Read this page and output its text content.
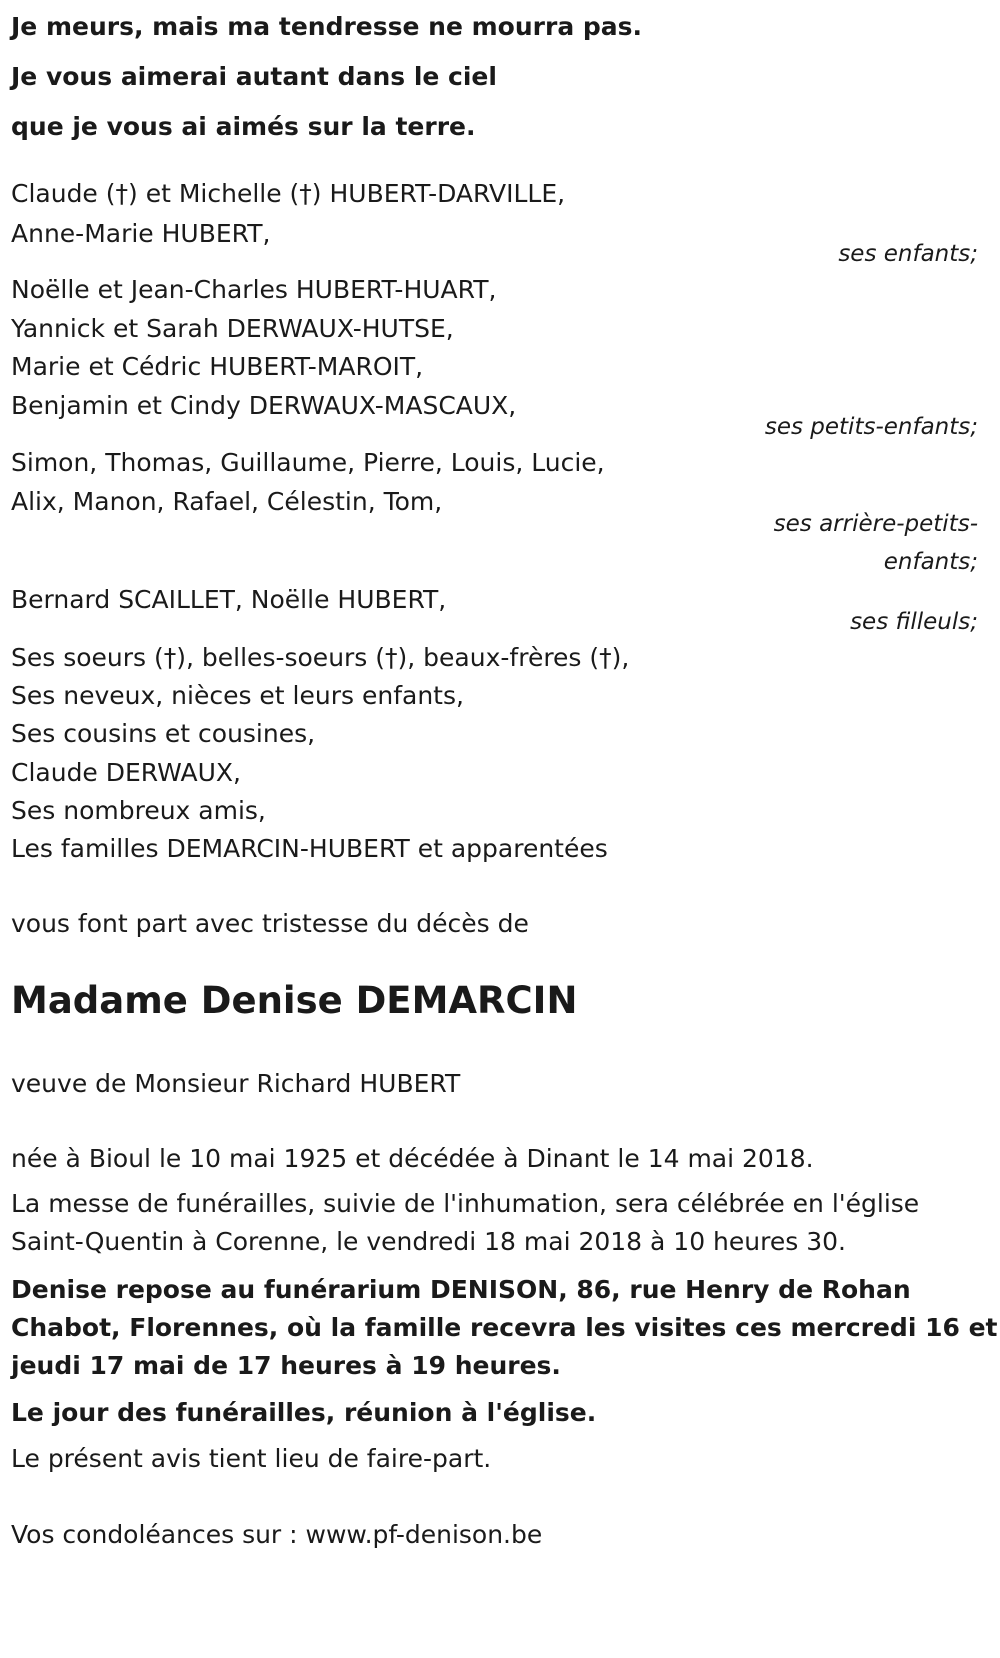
Je meurs, mais ma tendresse ne mourra pas.
Je vous aimerai autant dans le ciel
que je vous ai aimés sur la terre.
Claude (†) et Michelle (†) HUBERT-DARVILLE,
Anne-Marie HUBERT,
ses enfants;
Noëlle et Jean-Charles HUBERT-HUART,
Yannick et Sarah DERWAUX-HUTSE,
Marie et Cédric HUBERT-MAROIT,
Benjamin et Cindy DERWAUX-MASCAUX,
ses petits-enfants;
Simon, Thomas, Guillaume, Pierre, Louis, Lucie,
Alix, Manon, Rafael, Célestin, Tom,
ses arrière-petits-
enfants;
Bernard SCAILLET, Noëlle HUBERT,
ses filleuls;
Ses soeurs (†), belles-soeurs (†), beaux-frères (†),
Ses neveux, nièces et leurs enfants,
Ses cousins et cousines,
Claude DERWAUX,
Ses nombreux amis,
Les familles DEMARCIN-HUBERT et apparentées
vous font part avec tristesse du décès de
Madame Denise DEMARCIN
veuve de Monsieur Richard HUBERT
née à Bioul le 10 mai 1925 et décédée à Dinant le 14 mai 2018.
La messe de funérailles, suivie de l'inhumation, sera célébrée en l'église
Saint-Quentin à Corenne, le vendredi 18 mai 2018 à 10 heures 30.
Denise repose au funérarium DENISON, 86, rue Henry de Rohan
Chabot, Florennes, où la famille recevra les visites ces mercredi 16 et
jeudi 17 mai de 17 heures à 19 heures.
Le jour des funérailles, réunion à l'église.
Le présent avis tient lieu de faire-part.
Vos condoléances sur : www.pf-denison.be
